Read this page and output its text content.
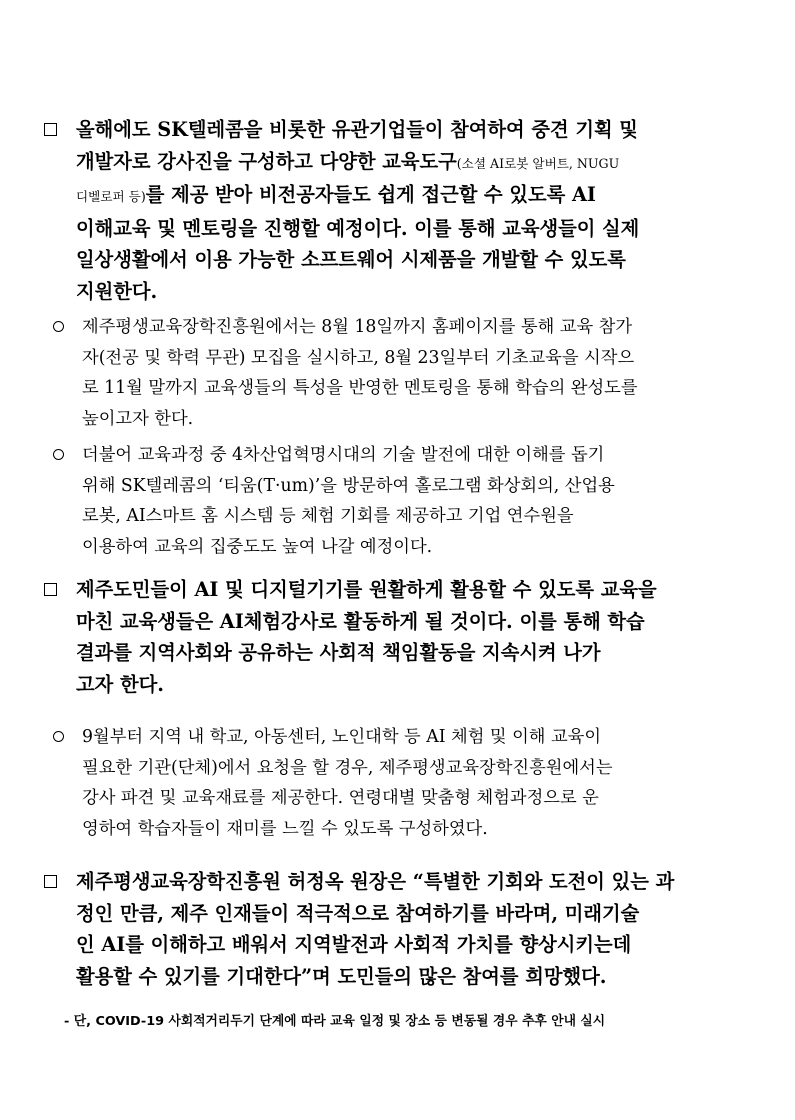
올해에도 SK텔레콤을 비롯한 유관기업들이 참여하여 중견 기획 및
개발자로 강사진을 구성하고 다양한 교육도구(소셜 AI로봇 알버트, NUGU
디벨로퍼 등)를 제공 받아 비전공자들도 쉽게 접근할 수 있도록 AI
이해교육 및 멘토링을 진행할 예정이다. 이를 통해 교육생들이 실제
일상생활에서 이용 가능한 소프트웨어 시제품을 개발할 수 있도록
지원한다.
제주평생교육장학진흥원에서는 8월 18일까지 홈페이지를 통해 교육 참가
자(전공 및 학력 무관) 모집을 실시하고, 8월 23일부터 기초교육을 시작으
로 11월 말까지 교육생들의 특성을 반영한 멘토링을 통해 학습의 완성도를
높이고자 한다.
더불어 교육과정 중 4차산업혁명시대의 기술 발전에 대한 이해를 돕기
위해 SK텔레콤의 ‘티움(T·um)’을 방문하여 홀로그램 화상회의, 산업용
로봇, AI스마트 홈 시스템 등 체험 기회를 제공하고 기업 연수원을
이용하여 교육의 집중도도 높여 나갈 예정이다.
제주도민들이 AI 및 디지털기기를 원활하게 활용할 수 있도록 교육을
마친 교육생들은 AI체험강사로 활동하게 될 것이다. 이를 통해 학습
결과를 지역사회와 공유하는 사회적 책임활동을 지속시켜 나가
고자 한다.
9월부터 지역 내 학교, 아동센터, 노인대학 등 AI 체험 및 이해 교육이
필요한 기관(단체)에서 요청을 할 경우, 제주평생교육장학진흥원에서는
강사 파견 및 교육재료를 제공한다. 연령대별 맞춤형 체험과정으로 운
영하여 학습자들이 재미를 느낄 수 있도록 구성하였다.
제주평생교육장학진흥원 허정옥 원장은 “특별한 기회와 도전이 있는 과
정인 만큼, 제주 인재들이 적극적으로 참여하기를 바라며, 미래기술
인 AI를 이해하고 배워서 지역발전과 사회적 가치를 향상시키는데
활용할 수 있기를 기대한다”며 도민들의 많은 참여를 희망했다.
- 단, COVID-19 사회적거리두기 단계에 따라 교육 일정 및 장소 등 변동될 경우 추후 안내 실시
